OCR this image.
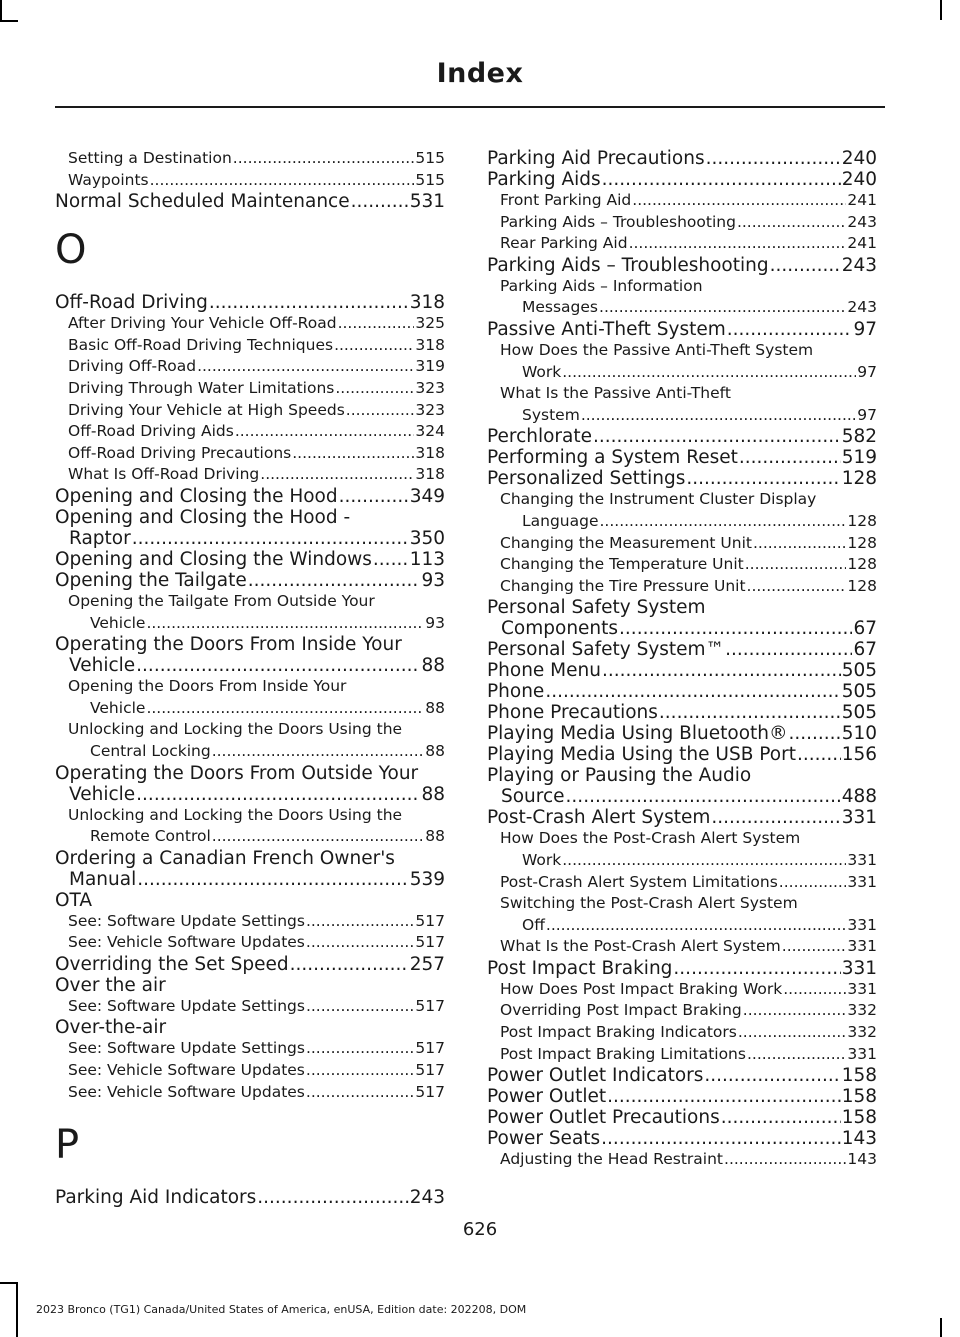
Index
Setting a Destination .....	515
Waypoints .....	515
Normal Scheduled Maintenance .....	531
O
Off-Road Driving .....	318
After Driving Your Vehicle Off-Road .....	325
Basic Off-Road Driving Techniques .....	318
Driving Off-Road .....	319
Driving Through Water Limitations .....	323
Driving Your Vehicle at High Speeds .....	323
Off-Road Driving Aids .....	324
Off-Road Driving Precautions .....	318
What Is Off-Road Driving .....	318
Opening and Closing the Hood .....	349
Opening and Closing the Hood -
Raptor .....	350
Opening and Closing the Windows ..... 113
Opening the Tailgate .....	93
Opening the Tailgate From Outside Your
Vehicle .....	93
Operating the Doors From Inside Your
Vehicle .....	88
Opening the Doors From Inside Your
Vehicle .....	88
Unlocking and Locking the Doors Using the
Central Locking .....	88
Operating the Doors From Outside Your
Vehicle .....	88
Unlocking and Locking the Doors Using the
Remote Control .....	88
Ordering a Canadian French Owner's
Manual .....	539
OTA
See: Software Update Settings .....	517
See: Vehicle Software Updates .....	517
Overriding the Set Speed .....	257
Over the air
See: Software Update Settings .....	517
Over-the-air
See: Software Update Settings .....	517
See: Vehicle Software Updates .....	517
See: Vehicle Software Updates .....	517
P
Parking Aid Indicators .....	243
Parking Aid Precautions .....	240
Parking Aids .....	240
Front Parking Aid .....	241
Parking Aids – Troubleshooting .....	243
Rear Parking Aid .....	241
Parking Aids – Troubleshooting .....	243
Parking Aids – Information
Messages .....	243
Passive Anti-Theft System .....	97
How Does the Passive Anti-Theft System
Work .....	97
What Is the Passive Anti-Theft
System .....	97
Perchlorate .....	582
Performing a System Reset .....	519
Personalized Settings .....	128
Changing the Instrument Cluster Display
Language .....	128
Changing the Measurement Unit .....	128
Changing the Temperature Unit .....	128
Changing the Tire Pressure Unit .....	128
Personal Safety System
Components .....	67
Personal Safety System™ .....	67
Phone Menu .....	505
Phone .....	505
Phone Precautions .....	505
Playing Media Using Bluetooth® .....	510
Playing Media Using the USB Port ..... 156
Playing or Pausing the Audio
Source .....	488
Post-Crash Alert System .....	331
How Does the Post-Crash Alert System
Work .....	331
Post-Crash Alert System Limitations .....	331
Switching the Post-Crash Alert System
Off .....	331
What Is the Post-Crash Alert System .....	331
Post Impact Braking .....	331
How Does Post Impact Braking Work .....	331
Overriding Post Impact Braking .....	332
Post Impact Braking Indicators .....	332
Post Impact Braking Limitations .....	331
Power Outlet Indicators .....	158
Power Outlet .....	158
Power Outlet Precautions .....	158
Power Seats .....	143
Adjusting the Head Restraint .....	143
626
2023 Bronco (TG1) Canada/United States of America, enUSA, Edition date: 202208, DOM
